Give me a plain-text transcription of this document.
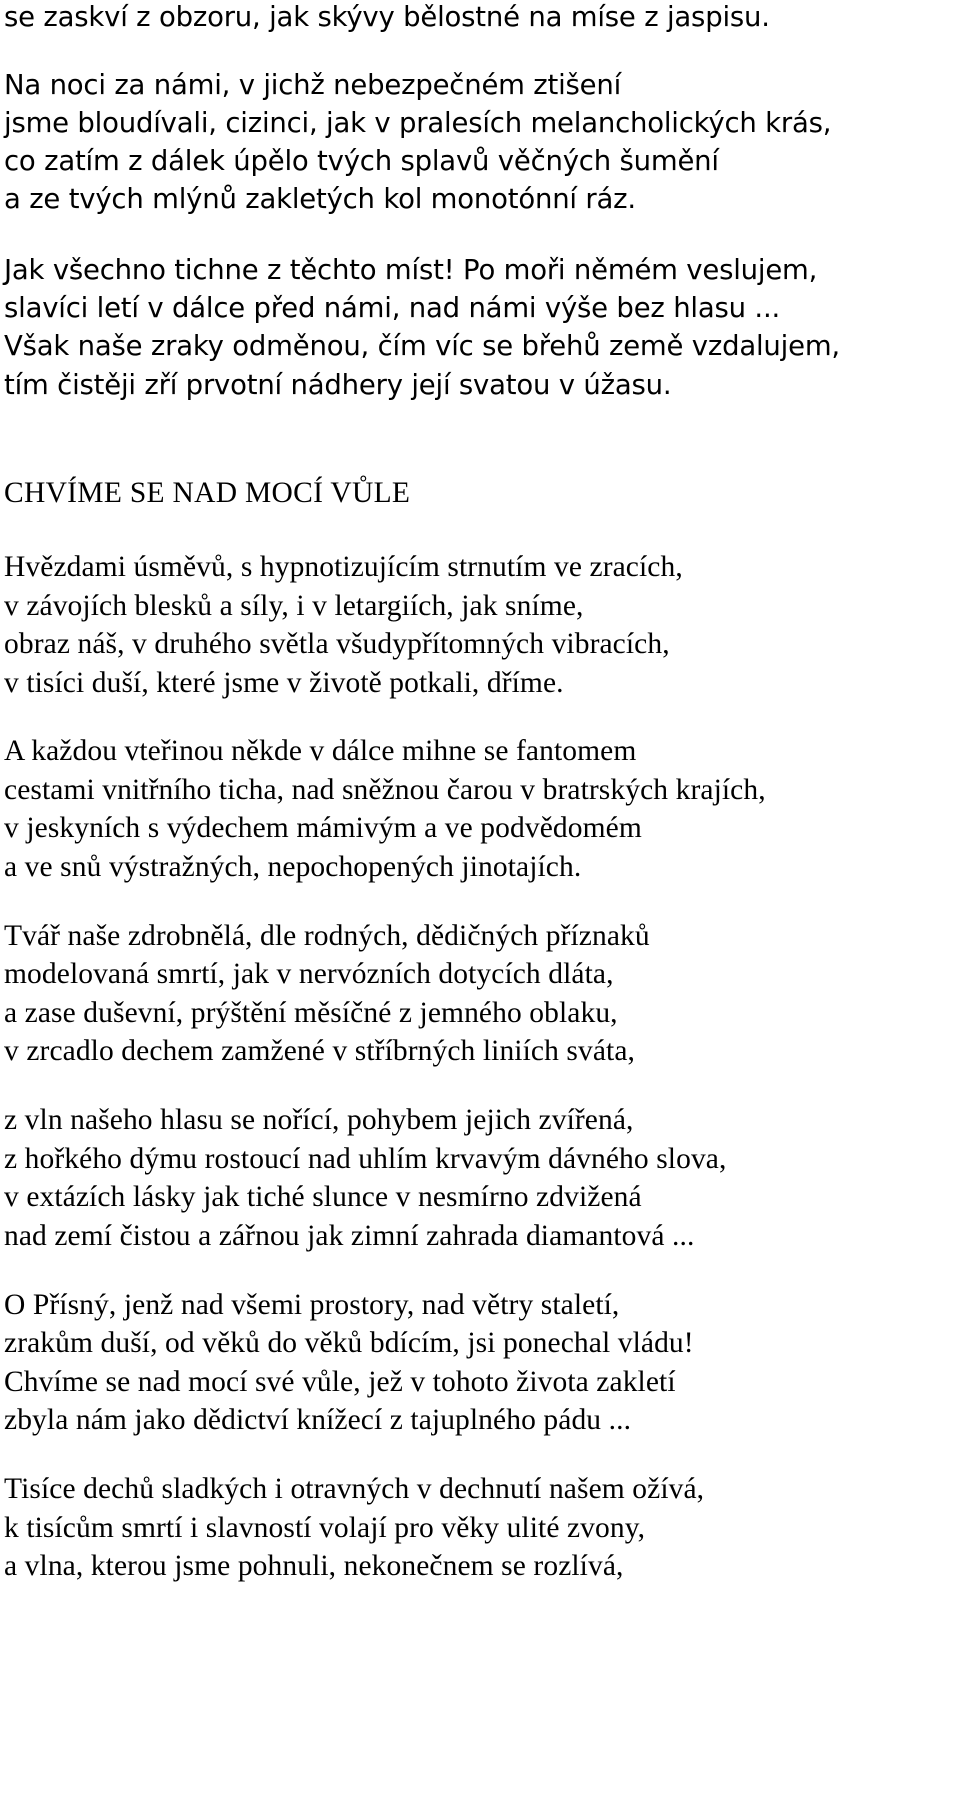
se zaskví z obzoru, jak skývy bělostné na míse z jaspisu.
Na noci za námi, v jichž nebezpečném ztišení
jsme bloudívali, cizinci, jak v pralesích melancholických krás,
co zatím z dálek úpělo tvých splavů věčných šumění
a ze tvých mlýnů zakletých kol monotónní ráz.
Jak všechno tichne z těchto míst! Po moři němém veslujem,
slavíci letí v dálce před námi, nad námi výše bez hlasu ...
Však naše zraky odměnou, čím víc se břehů země vzdalujem,
tím čistěji zří prvotní nádhery její svatou v úžasu.
CHVÍME SE NAD MOCÍ VŮLE
Hvězdami úsměvů, s hypnotizujícím strnutím ve zracích,
v závojích blesků a síly, i v letargiích, jak sníme,
obraz náš, v druhého světla všudypřítomných vibracích,
v tisíci duší, které jsme v životě potkali, dříme.
A každou vteřinou někde v dálce mihne se fantomem
cestami vnitřního ticha, nad sněžnou čarou v bratrských krajích,
v jeskyních s výdechem mámivým a ve podvědomém
a ve snů výstražných, nepochopených jinotajích.
Tvář naše zdrobnělá, dle rodných, dědičných příznaků
modelovaná smrtí, jak v nervózních dotycích dláta,
a zase duševní, prýštění měsíčné z jemného oblaku,
v zrcadlo dechem zamžené v stříbrných liniích sváta,
z vln našeho hlasu se nořící, pohybem jejich zvířená,
z hořkého dýmu rostoucí nad uhlím krvavým dávného slova,
v extázích lásky jak tiché slunce v nesmírno zdvižená
nad zemí čistou a zářnou jak zimní zahrada diamantová ...
O Přísný, jenž nad všemi prostory, nad větry staletí,
zrakům duší, od věků do věků bdícím, jsi ponechal vládu!
Chvíme se nad mocí své vůle, jež v tohoto života zakletí
zbyla nám jako dědictví knížecí z tajuplného pádu ...
Tisíce dechů sladkých i otravných v dechnutí našem ožívá,
k tisícům smrtí i slavností volají pro věky ulité zvony,
a vlna, kterou jsme pohnuli, nekonečnem se rozlívá,
